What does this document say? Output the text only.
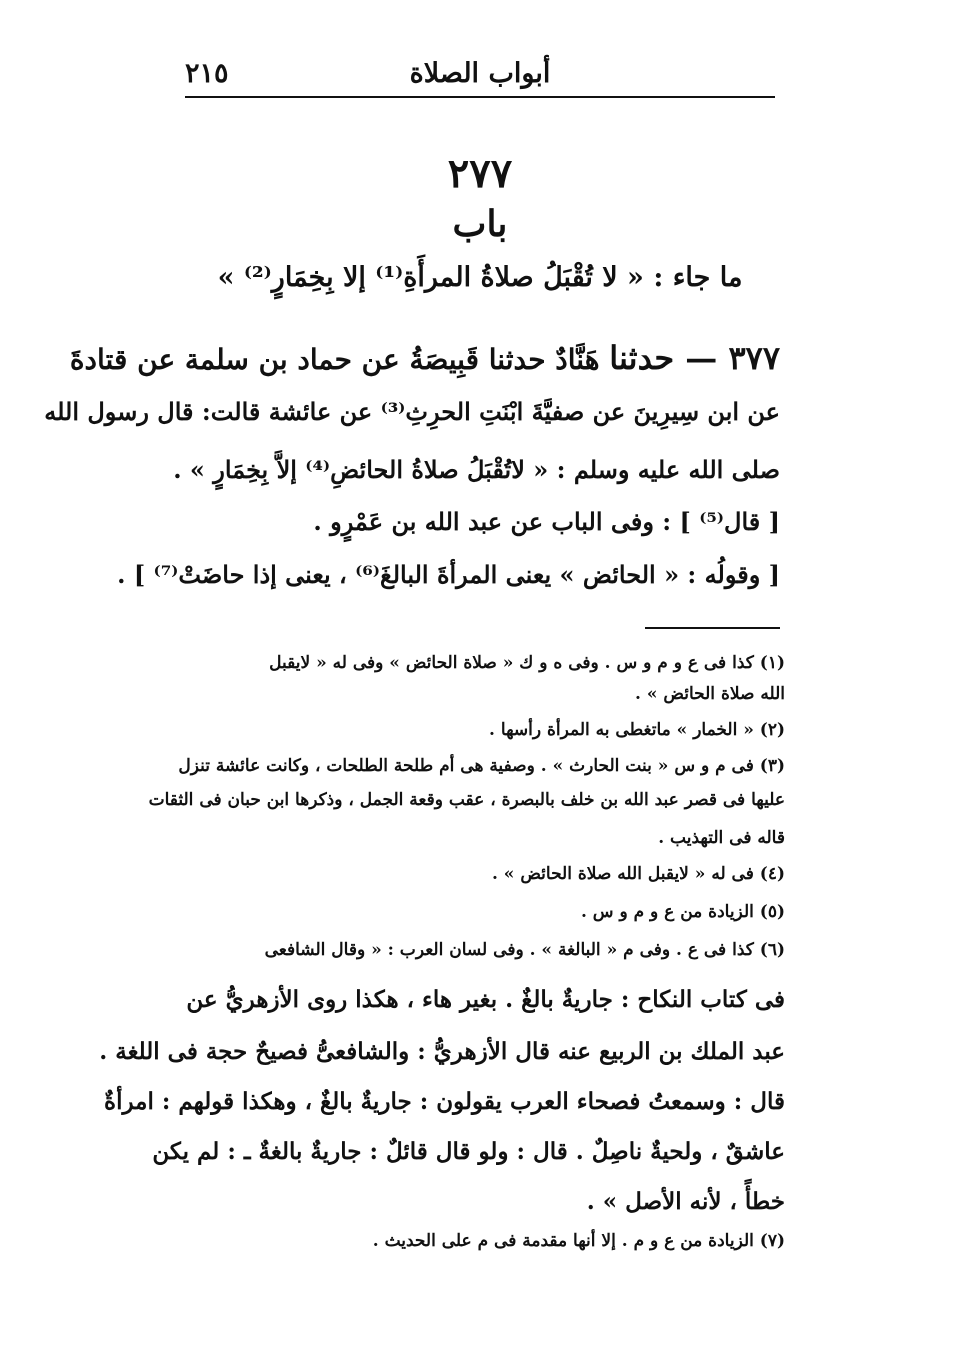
٢١٥	أبواب الصلاة
٢٧٧
باب
ما جاء : « لا تُقْبَلُ صلاةُ المرأَةِ⁽¹⁾ إلا بِخِمَارٍ⁽²⁾ »
٣٧٧ — حدثنا هَنَّادٌ حدثنا قَبِيصَةُ عن حماد بن سلمة عن قتادةَ
عن ابن سِيرِينَ عن صفيَّةَ ابْنَتِ الحرِثِ⁽³⁾ عن عائشة قالت: قال رسول الله
صلى الله عليه وسلم : « لاتُقْبَلُ صلاةُ الحائضِ⁽⁴⁾ إلاَّ بِخِمَارٍ » .
[ قال⁽⁵⁾ ] : وفى الباب عن عبد الله بن عَمْرٍو .
[ وقولُه : « الحائض » يعنى المرأةَ البالغَ⁽⁶⁾ ، يعنى إذا حاضَتْ⁽⁷⁾ ] .
(١) كذا فى ع و م و س . وفى ه و ك « صلاة الحائض » وفى له « لايقبل
الله صلاة الحائض » .
(٢) « الخمار » ماتغطى به المرأة رأسها .
(٣) فى م و س « بنت الحارث » . وصفية هى أم طلحة الطلحات ، وكانت عائشة تنزل
عليها فى قصر عبد الله بن خلف بالبصرة ، عقب وقعة الجمل ، وذكرها ابن حبان فى الثقات
قاله فى التهذيب .
(٤) فى له « لايقبل الله صلاة الحائض » .
(٥) الزيادة من ع و م و س .
(٦) كذا فى ع . وفى م « البالغة » . وفى لسان العرب : « وقال الشافعى
فى كتاب النكاح : جاريةٌ بالغٌ . بغير هاء ، هكذا روى الأزهريُّ عن
عبد الملك بن الربيع عنه قال الأزهريُّ : والشافعىُّ فصيحٌ حجة فى اللغة .
قال : وسمعتُ فصحاء العرب يقولون : جاريةٌ بالغٌ ، وهكذا قولهم : امرأةٌ
عاشقٌ ، ولحيةٌ ناصِلٌ . قال : ولو قال قائلٌ : جاريةٌ بالغةٌ ـ : لم يكن
خطأً ، لأنه الأصل » .
(٧) الزيادة من ع و م . إلا أنها مقدمة فى م على الحديث .
